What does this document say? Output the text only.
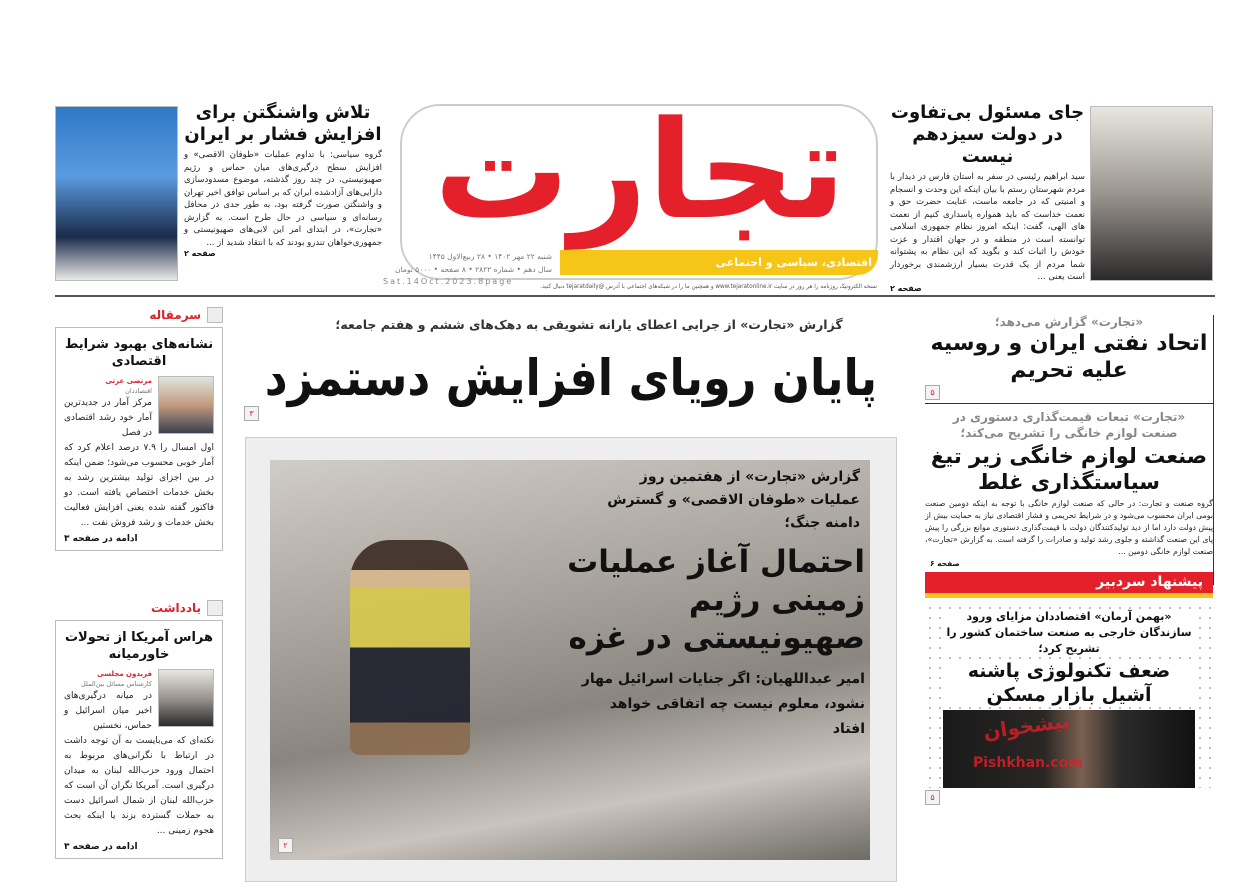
جای مسئول بی‌تفاوت در دولت سیزدهم نیست
سید ابراهیم رئیسی در سفر به استان فارس در دیدار با مردم شهرستان رستم با بیان اینکه این وحدت و انسجام و امنیتی که در جامعه ماست، عنایت حضرت حق و نعمت خداست که باید همواره پاسداری کنیم از نعمت های الهی، گفت: اینکه امروز نظام جمهوری اسلامی توانسته است در منطقه و در جهان اقتدار و عزت خودش را اثبات کند و بگوید که این نظام به پشتوانه شما مردم از یک قدرت بسیار ارزشمندی برخوردار است یعنی ...
صفحه ۲
تلاش واشنگتن برای افزایش فشار بر ایران
گروه سیاسی: با تداوم عملیات «طوفان الاقصی» و افزایش سطح درگیری‌های میان حماس و رژیم صهیونیستی، در چند روز گذشته، موضوع مسدودسازی دارایی‌های آزادشده ایران که بر اساس توافق اخیر تهران و واشنگتن صورت گرفته بود، به طور جدی در محافل رسانه‌ای و سیاسی در حال طرح است. به گزارش «تجارت»، در ابتدای امر این لابی‌های صهیونیستی و جمهوری‌خواهان تندرو بودند که با انتقاد شدید از ...
صفحه ۲
تجارت
اقتصادی، سیاسی و اجتماعی
شنبه ۲۲ مهر ۱۴۰۲ • ۲۸ ربیع‌الاول ۱۴۴۵
سال دهم • شماره ۲۸۲۲ • ۸ صفحه • ۵۰۰۰ تومان
Sat.14Oct.2023.8page
نسخه الکترونیک روزنامه را هر روز در سایت www.tejaratonline.ir و همچنین ما را در شبکه‌های اجتماعی با آدرس @tejaratdaily دنبال کنید.
سرمقاله
نشانه‌های بهبود شرایط اقتصادی
مرتضی عزتی
اقتصاددان
مرکز آمار در جدیدترین آمار خود رشد اقتصادی در فصل
اول امسال را ۷.۹ درصد اعلام کرد که آمار خوبی محسوب می‌شود؛ ضمن اینکه در بین اجزای تولید بیشترین رشد به بخش خدمات اختصاص یافته است. دو فاکتور گفته شده یعنی افزایش فعالیت بخش خدمات و رشد فروش نفت ...
ادامه در صفحه ۳
یادداشت
هراس آمریکا از تحولات خاورمیانه
فریدون مجلسی
کارشناس مسائل بین‌الملل
در میانه درگیری‌های اخیر میان اسرائیل و حماس، نخستین
نکته‌ای که می‌بایست به آن توجه داشت در ارتباط با نگرانی‌های مربوط به احتمال ورود حزب‌الله لبنان به میدان درگیری است. آمریکا نگران آن است که حزب‌الله لبنان از شمال اسرائیل دست به حملات گسترده بزند یا اینکه بحث هجوم زمینی ...
ادامه در صفحه ۳
گزارش «تجارت» از جرایی اعطای یارانه تشویقی به دهک‌های ششم و هفتم جامعه؛
پایان رویای افزایش دستمزد
۳
گزارش «تجارت» از هفتمین روز عملیات «طوفان الاقصی» و گسترش دامنه جنگ؛
احتمال آغاز عملیات زمینی رژیم صهیونیستی در غزه
امیر عبداللهیان: اگر جنایات اسرائیل مهار نشود، معلوم نیست چه اتفاقی خواهد افتاد
۲
«تجارت» گزارش می‌دهد؛
اتحاد نفتی ایران و روسیه علیه تحریم
۵
«تجارت» تبعات قیمت‌گذاری دستوری در صنعت لوازم خانگی را تشریح می‌کند؛
صنعت لوازم خانگی زیر تیغ سیاستگذاری غلط
گروه صنعت و تجارت: در حالی که صنعت لوازم خانگی با توجه به اینکه دومین صنعت بومی ایران محسوب می‌شود و در شرایط تحریمی و فشار اقتصادی نیاز به حمایت بیش از پیش دولت دارد اما از دید تولیدکنندگان دولت با قیمت‌گذاری دستوری موانع بزرگی را پیش پای این صنعت گذاشته و جلوی رشد تولید و صادرات را گرفته است. به گزارش «تجارت»، صنعت لوازم خانگی دومین ...
صفحه ۶
پیشنهاد سردبیر
«بهمن آرمان» اقتصاددان مزایای ورود سازندگان خارجی به صنعت ساختمان کشور را تشریح کرد؛
ضعف تکنولوژی پاشنه آشیل بازار مسکن
پیشخوان
Pishkhan.com
۵
